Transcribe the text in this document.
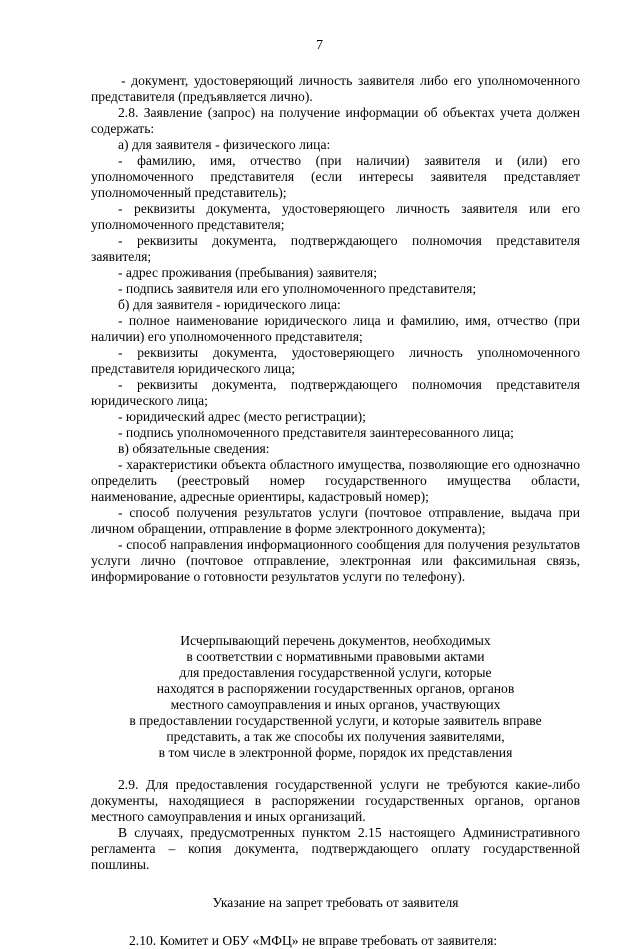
7

- документ, удостоверяющий личность заявителя либо его уполномоченного представителя (предъявляется лично).

2.8. Заявление (запрос) на получение информации об объектах учета должен содержать:

а) для заявителя - физического лица:

- фамилию, имя, отчество (при наличии) заявителя и (или) его уполномоченного представителя (если интересы заявителя представляет уполномоченный представитель);

- реквизиты документа, удостоверяющего личность заявителя или его уполномоченного представителя;

- реквизиты документа, подтверждающего полномочия представителя заявителя;

- адрес проживания (пребывания) заявителя;

- подпись заявителя или его уполномоченного представителя;

б) для заявителя - юридического лица:

- полное наименование юридического лица и фамилию, имя, отчество (при наличии) его уполномоченного представителя;

- реквизиты документа, удостоверяющего личность уполномоченного представителя юридического лица;

- реквизиты документа, подтверждающего полномочия представителя юридического лица;

- юридический адрес (место регистрации);

- подпись уполномоченного представителя заинтересованного лица;

в) обязательные сведения:

- характеристики объекта областного имущества, позволяющие его однозначно определить (реестровый номер государственного имущества области, наименование, адресные ориентиры, кадастровый номер);

- способ получения результатов услуги (почтовое отправление, выдача при личном обращении, отправление в форме электронного документа);

- способ направления информационного сообщения для получения результатов услуги лично (почтовое отправление, электронная или факсимильная связь, информирование о готовности результатов услуги по телефону).

Исчерпывающий перечень документов, необходимых

в соответствии с нормативными правовыми актами

для предоставления государственной услуги, которые

находятся в распоряжении государственных органов, органов

местного самоуправления и иных органов, участвующих

в предоставлении государственной услуги, и которые заявитель вправе

представить, а так же способы их получения заявителями,

в том числе в электронной форме, порядок их представления

2.9. Для предоставления государственной услуги не требуются какие-либо документы, находящиеся в распоряжении государственных органов, органов местного самоуправления и иных организаций.

В случаях, предусмотренных пунктом 2.15 настоящего Административного регламента – копия документа, подтверждающего оплату государственной пошлины.

Указание на запрет требовать от заявителя

2.10. Комитет и ОБУ «МФЦ» не вправе требовать от заявителя:
